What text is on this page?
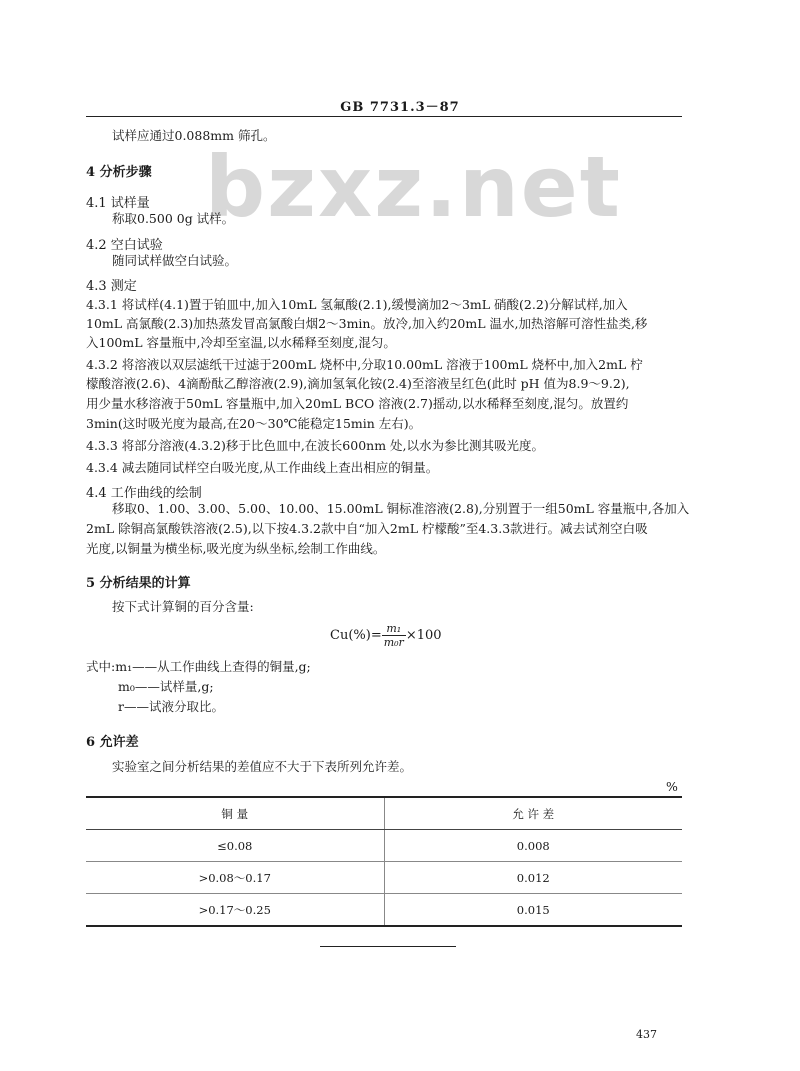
bzxz.net
GB 7731.3－87
试样应通过0.088mm 筛孔。
4 分析步骤
4.1 试样量
称取0.500 0g 试样。
4.2 空白试验
随同试样做空白试验。
4.3 测定
4.3.1 将试样(4.1)置于铂皿中,加入10mL 氢氟酸(2.1),缓慢滴加2～3mL 硝酸(2.2)分解试样,加入
10mL 高氯酸(2.3)加热蒸发冒高氯酸白烟2～3min。放冷,加入约20mL 温水,加热溶解可溶性盐类,移
入100mL 容量瓶中,冷却至室温,以水稀释至刻度,混匀。
4.3.2 将溶液以双层滤纸干过滤于200mL 烧杯中,分取10.00mL 溶液于100mL 烧杯中,加入2mL 柠
檬酸溶液(2.6)、4滴酚酞乙醇溶液(2.9),滴加氢氧化铵(2.4)至溶液呈红色(此时 pH 值为8.9～9.2),
用少量水移溶液于50mL 容量瓶中,加入20mL BCO 溶液(2.7)摇动,以水稀释至刻度,混匀。放置约
3min(这时吸光度为最高,在20～30℃能稳定15min 左右)。
4.3.3 将部分溶液(4.3.2)移于比色皿中,在波长600nm 处,以水为参比测其吸光度。
4.3.4 减去随同试样空白吸光度,从工作曲线上查出相应的铜量。
4.4 工作曲线的绘制
移取0、1.00、3.00、5.00、10.00、15.00mL 铜标准溶液(2.8),分别置于一组50mL 容量瓶中,各加入
2mL 除铜高氯酸铁溶液(2.5),以下按4.3.2款中自“加入2mL 柠檬酸”至4.3.3款进行。减去试剂空白吸
光度,以铜量为横坐标,吸光度为纵坐标,绘制工作曲线。
5 分析结果的计算
按下式计算铜的百分含量:
$Cu(\%)= \frac{\text{m₁}}{\text{m₀r}} \times 100$
式中:m₁——从工作曲线上查得的铜量,g;
m₀——试样量,g;
r——试液分取比。
6 允许差
实验室之间分析结果的差值应不大于下表所列允许差。
%
铜 量	允 许 差
≤0.08	0.008
>0.08～0.17	0.012
>0.17～0.25	0.015
437
